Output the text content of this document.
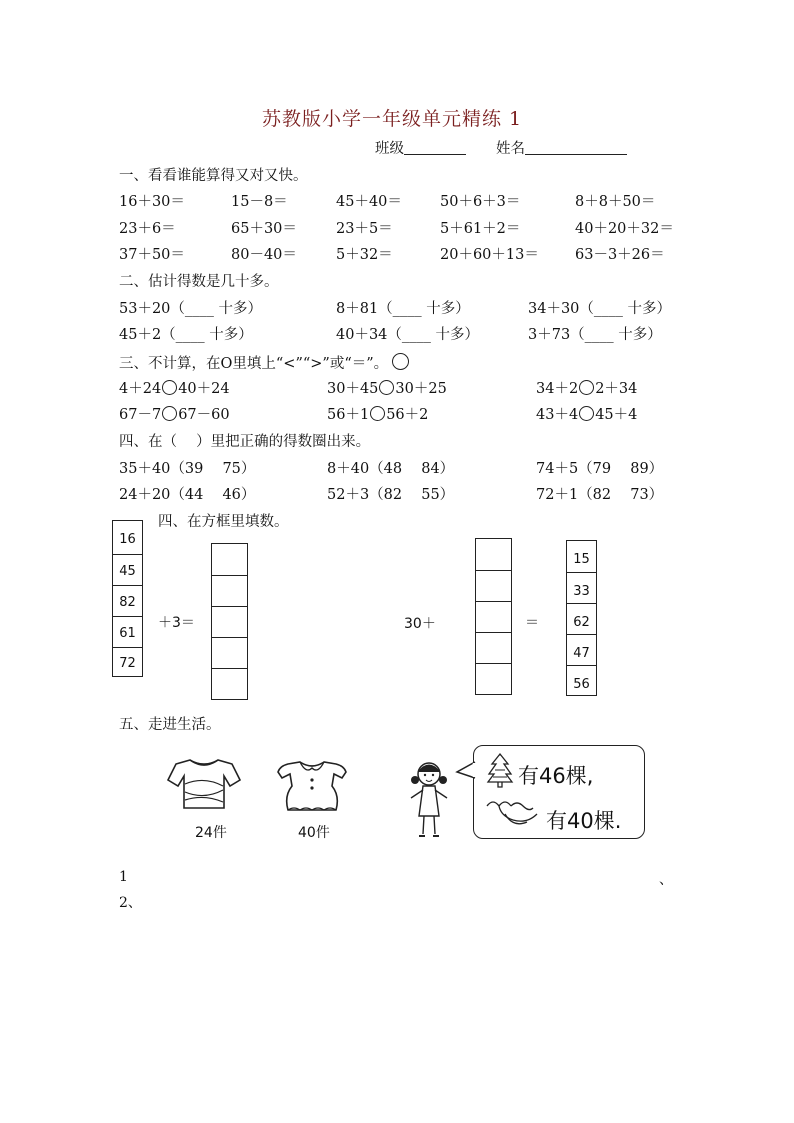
苏教版小学一年级单元精练 1
班级	姓名
一、看看谁能算得又对又快。
16＋30＝	15－8＝	45＋40＝	50＋6＋3＝	8＋8＋50＝
23＋6＝	65＋30＝	23＋5＝	5＋61＋2＝	40＋20＋32＝
37＋50＝	80－40＝	5＋32＝	20＋60＋13＝ 63－3＋26＝
二、估计得数是几十多。
53＋20（____ 十多）	8＋81（____ 十多）	34＋30（____ 十多）
45＋2（____ 十多）	40＋34（____ 十多）	3＋73（____ 十多）
三、不计算，在O里填上“<”“>”或“＝”。
4＋24 40＋24	30＋45 30＋25	34＋2 2＋34
67－7 67－60	56＋1 56＋2	43＋4 45＋4
四、在（　 ）里把正确的得数圈出来。
35＋40（39　 75）	8＋40（48　 84）	74＋5（79　 89）
24＋20（44　 46）	52＋3（82　 55）	72＋1（82　 73）
四、在方框里填数。
16
45
82
61
72
＋3＝	30＋	＝
15
33
62
47
56
五、走进生活。
24件	40件
有46棵,
有40棵.
1	、
2、
